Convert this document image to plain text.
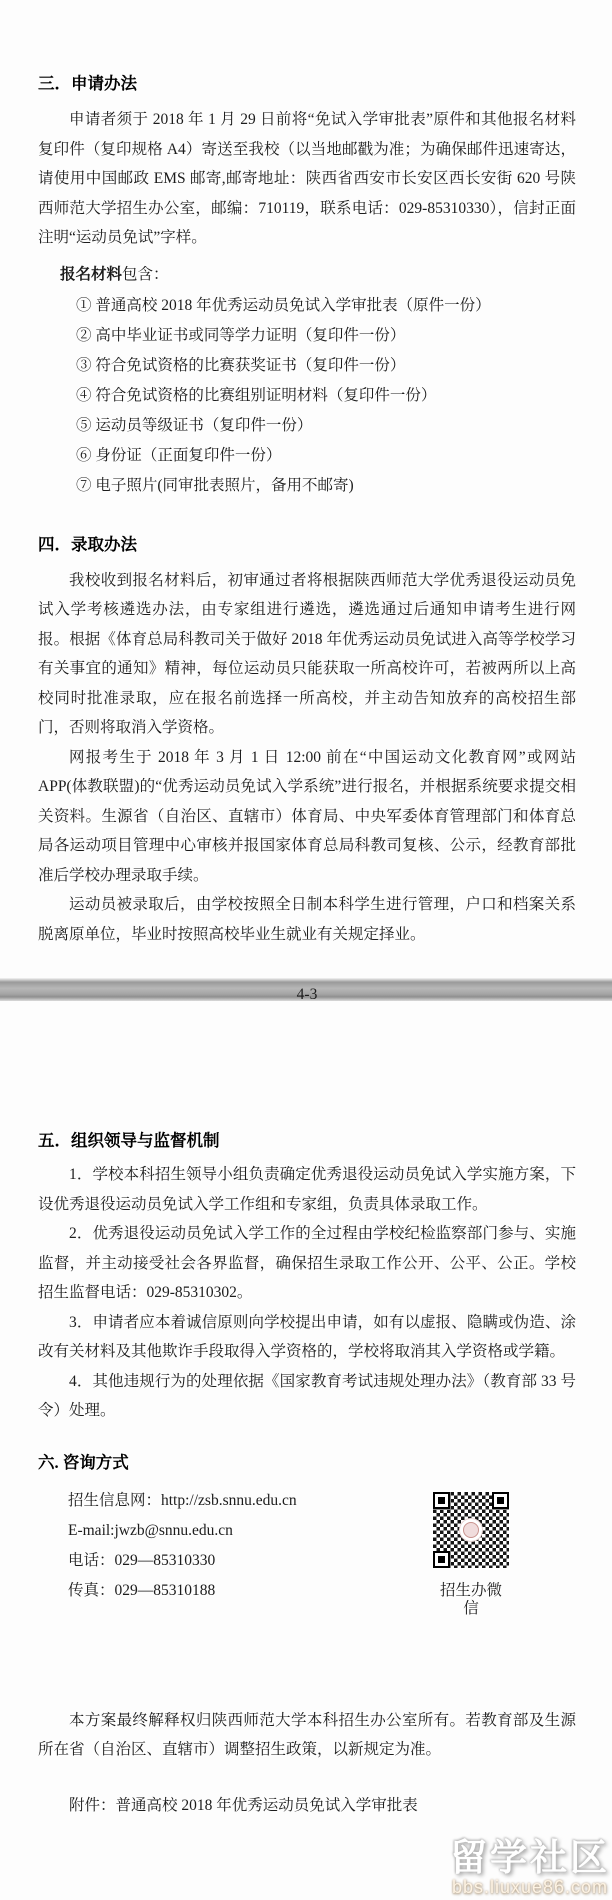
三．申请办法

申请者须于 2018 年 1 月 29 日前将“免试入学审批表”原件和其他报名材料复印件（复印规格 A4）寄送至我校（以当地邮戳为准；为确保邮件迅速寄达，请使用中国邮政 EMS 邮寄,邮寄地址：陕西省西安市长安区西长安街 620 号陕西师范大学招生办公室，邮编：710119，联系电话：029-85310330），信封正面注明“运动员免试”字样。

报名材料包含：
① 普通高校 2018 年优秀运动员免试入学审批表（原件一份）
② 高中毕业证书或同等学力证明（复印件一份）
③ 符合免试资格的比赛获奖证书（复印件一份）
④ 符合免试资格的比赛组别证明材料（复印件一份）
⑤ 运动员等级证书（复印件一份）
⑥ 身份证（正面复印件一份）
⑦ 电子照片(同审批表照片，备用不邮寄)
四．录取办法

我校收到报名材料后，初审通过者将根据陕西师范大学优秀退役运动员免试入学考核遴选办法，由专家组进行遴选，遴选通过后通知申请考生进行网报。根据《体育总局科教司关于做好 2018 年优秀运动员免试进入高等学校学习有关事宜的通知》精神，每位运动员只能获取一所高校许可，若被两所以上高校同时批准录取，应在报名前选择一所高校，并主动告知放弃的高校招生部门，否则将取消入学资格。

网报考生于 2018 年 3 月 1 日 12:00 前在“中国运动文化教育网”或网站 APP(体教联盟)的“优秀运动员免试入学系统”进行报名，并根据系统要求提交相关资料。生源省（自治区、直辖市）体育局、中央军委体育管理部门和体育总局各运动项目管理中心审核并报国家体育总局科教司复核、公示，经教育部批准后学校办理录取手续。

运动员被录取后，由学校按照全日制本科学生进行管理，户口和档案关系脱离原单位，毕业时按照高校毕业生就业有关规定择业。

4-3
五．组织领导与监督机制

1．学校本科招生领导小组负责确定优秀退役运动员免试入学实施方案，下设优秀退役运动员免试入学工作组和专家组，负责具体录取工作。

2．优秀退役运动员免试入学工作的全过程由学校纪检监察部门参与、实施监督，并主动接受社会各界监督，确保招生录取工作公开、公平、公正。学校招生监督电话：029-85310302。

3．申请者应本着诚信原则向学校提出申请，如有以虚报、隐瞒或伪造、涂改有关材料及其他欺诈手段取得入学资格的，学校将取消其入学资格或学籍。

4．其他违规行为的处理依据《国家教育考试违规处理办法》（教育部 33 号令）处理。

六. 咨询方式
招生信息网：http://zsb.snnu.edu.cn
E-mail:jwzb@snnu.edu.cn
电话：029—85310330
传真：029—85310188	招生办微信

本方案最终解释权归陕西师范大学本科招生办公室所有。若教育部及生源所在省（自治区、直辖市）调整招生政策，以新规定为准。

附件：普通高校 2018 年优秀运动员免试入学审批表

留学社区
bbs.liuxue86.com
